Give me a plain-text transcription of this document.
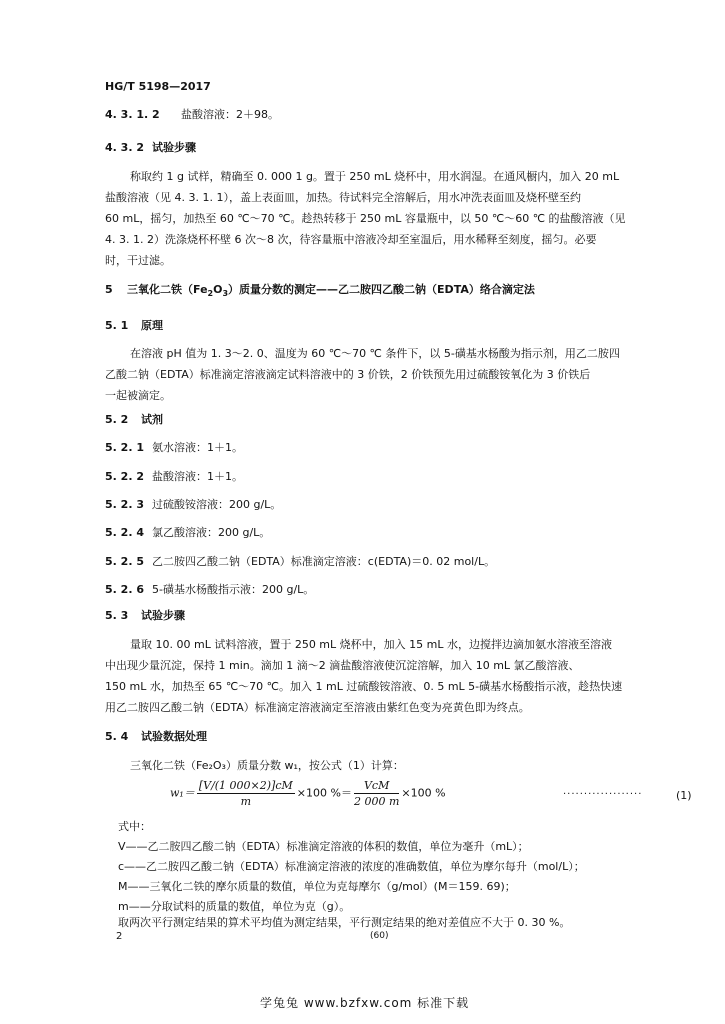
HG/T 5198—2017
4. 3. 1. 2 盐酸溶液：2＋98。
4. 3. 2 试验步骤
称取约 1 g 试样，精确至 0. 000 1 g。置于 250 mL 烧杯中，用水润湿。在通风橱内，加入 20 mL
盐酸溶液（见 4. 3. 1. 1），盖上表面皿，加热。待试料完全溶解后，用水冲洗表面皿及烧杯壁至约
60 mL，摇匀，加热至 60 ℃～70 ℃。趁热转移于 250 mL 容量瓶中，以 50 ℃～60 ℃ 的盐酸溶液（见
4. 3. 1. 2）洗涤烧杯杯壁 6 次～8 次，待容量瓶中溶液冷却至室温后，用水稀释至刻度，摇匀。必要
时，干过滤。
5 三氧化二铁$(Fe_2O_3)$质量分数的测定——乙二胺四乙酸二钠（EDTA）络合滴定法
5. 1 原理
在溶液 pH 值为 1. 3～2. 0、温度为 60 ℃～70 ℃ 条件下，以 5-磺基水杨酸为指示剂，用乙二胺四
乙酸二钠（EDTA）标准滴定溶液滴定试料溶液中的 3 价铁，2 价铁预先用过硫酸铵氧化为 3 价铁后
一起被滴定。
5. 2 试剂
5. 2. 1 氨水溶液：1＋1。
5. 2. 2 盐酸溶液：1＋1。
5. 2. 3 过硫酸铵溶液：200 g/L。
5. 2. 4 氯乙酸溶液：200 g/L。
5. 2. 5 乙二胺四乙酸二钠（EDTA）标准滴定溶液：c(EDTA)＝0. 02 mol/L。
5. 2. 6 5-磺基水杨酸指示液：200 g/L。
5. 3 试验步骤
量取 10. 00 mL 试料溶液，置于 250 mL 烧杯中，加入 15 mL 水，边搅拌边滴加氨水溶液至溶液
中出现少量沉淀，保持 1 min。滴加 1 滴～2 滴盐酸溶液使沉淀溶解，加入 10 mL 氯乙酸溶液、
150 mL 水，加热至 65 ℃～70 ℃。加入 1 mL 过硫酸铵溶液、0. 5 mL 5-磺基水杨酸指示液，趁热快速
用乙二胺四乙酸二钠（EDTA）标准滴定溶液滴定至溶液由紫红色变为亮黄色即为终点。
5. 4 试验数据处理
三氧化二铁（Fe₂O₃）质量分数 w₁，按公式（1）计算：
$w_1= \frac{[V/(1 000\times 2)]cM}{m} \times 100$ %＝ $\frac{\text{VcM}}{2 000 m} \times 100$ %	···················	(1)
式中：
V——乙二胺四乙酸二钠（EDTA）标准滴定溶液的体积的数值，单位为毫升（mL）；
c——乙二胺四乙酸二钠（EDTA）标准滴定溶液的浓度的准确数值，单位为摩尔每升（mol/L）；
M——三氧化二铁的摩尔质量的数值，单位为克每摩尔（g/mol）(M＝159. 69)；
m——分取试料的质量的数值，单位为克（g）。
取两次平行测定结果的算术平均值为测定结果，平行测定结果的绝对差值应不大于 0. 30 %。
2	(60)
学兔兔 www.bzfxw.com 标准下载
